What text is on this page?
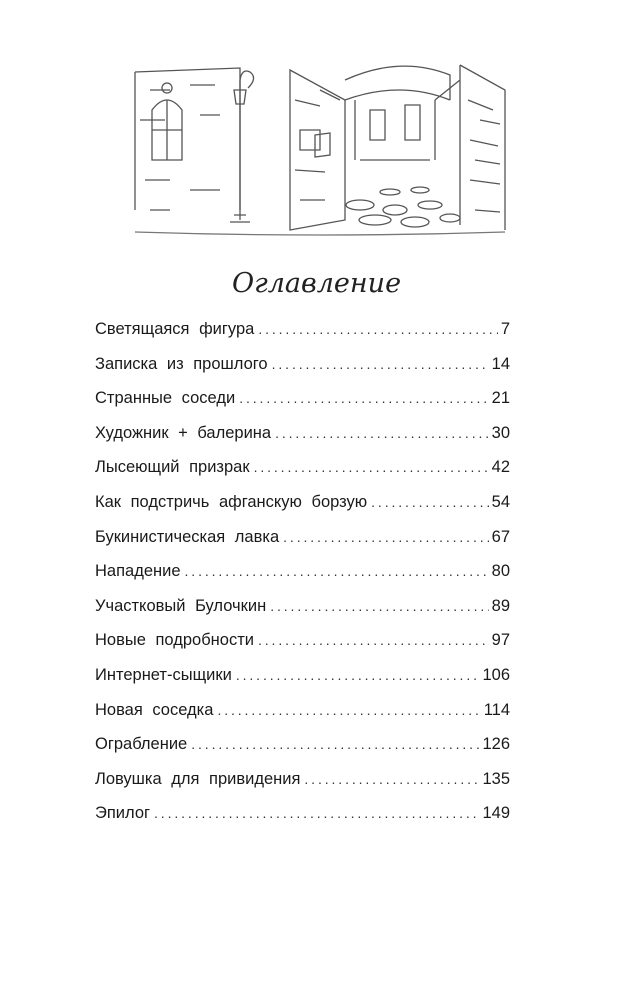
Оглавление
Светящаяся фигура . . .	7
Записка из прошлого . . .	14
Странные соседи . . .	21
Художник + балерина . . .	30
Лысеющий призрак . . .	42
Как подстричь афганскую борзую . . .	54
Букинистическая лавка . . .	67
Нападение . . .	80
Участковый Булочкин . . .	89
Новые подробности . . .	97
Интернет-сыщики . . .	106
Новая соседка . . .	114
Ограбление . . .	126
Ловушка для привидения . . .	135
Эпилог . . .	149
